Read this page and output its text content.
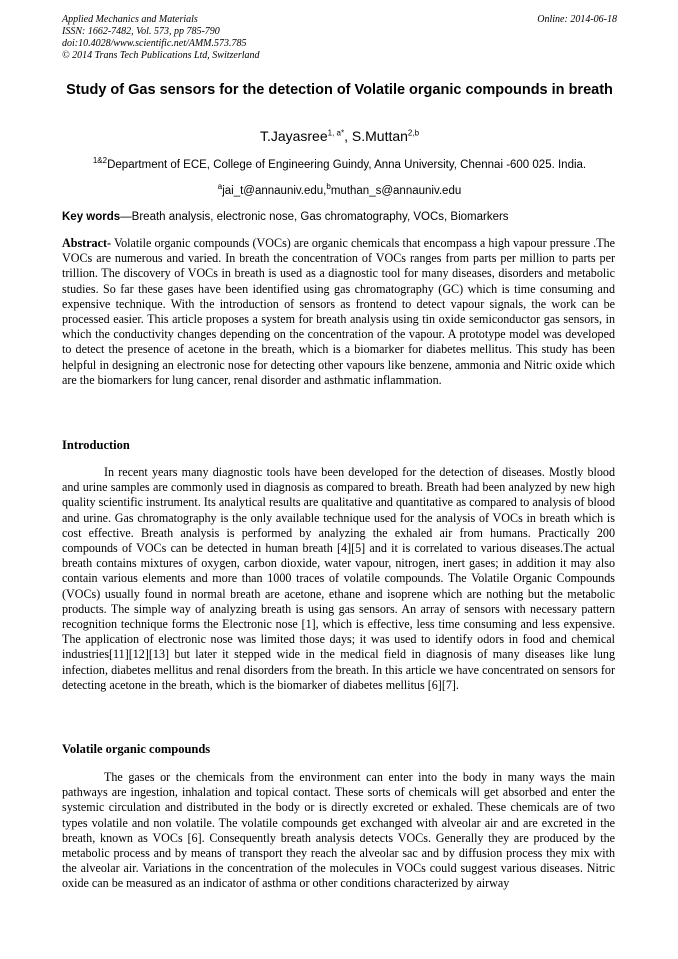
Applied Mechanics and Materials
ISSN: 1662-7482, Vol. 573, pp 785-790
doi:10.4028/www.scientific.net/AMM.573.785
© 2014 Trans Tech Publications Ltd, Switzerland
Online: 2014-06-18
Study of Gas sensors for the detection of Volatile organic compounds in breath
T.Jayasree$^{1, a*}$, S.Muttan$^{2,b}$
$^{1\&2}$Department of ECE, College of Engineering Guindy, Anna University, Chennai -600 025. India.
$^a$jai_t@annauniv.edu,$^b$muthan_s@annauniv.edu
Key words—Breath analysis, electronic nose, Gas chromatography, VOCs, Biomarkers
Abstract- Volatile organic compounds (VOCs) are organic chemicals that encompass a high vapour pressure .The VOCs are numerous and varied. In breath the concentration of VOCs ranges from parts per million to parts per trillion. The discovery of VOCs in breath is used as a diagnostic tool for many diseases, disorders and metabolic studies. So far these gases have been identified using gas chromatography (GC) which is time consuming and expensive technique. With the introduction of sensors as frontend to detect vapour signals, the work can be processed easier. This article proposes a system for breath analysis using tin oxide semiconductor gas sensors, in which the conductivity changes depending on the concentration of the vapour. A prototype model was developed to detect the presence of acetone in the breath, which is a biomarker for diabetes mellitus. This study has been helpful in designing an electronic nose for detecting other vapours like benzene, ammonia and Nitric oxide which are the biomarkers for lung cancer, renal disorder and asthmatic inflammation.
Introduction
In recent years many diagnostic tools have been developed for the detection of diseases. Mostly blood and urine samples are commonly used in diagnosis as compared to breath. Breath had been analyzed by new high quality scientific instrument. Its analytical results are qualitative and quantitative as compared to analysis of blood and urine. Gas chromatography is the only available technique used for the analysis of VOCs in breath which is cost effective. Breath analysis is performed by analyzing the exhaled air from humans. Practically 200 compounds of VOCs can be detected in human breath [4][5] and it is correlated to various diseases.The actual breath contains mixtures of oxygen, carbon dioxide, water vapour, nitrogen, inert gases; in addition it may also contain various elements and more than 1000 traces of volatile compounds. The Volatile Organic Compounds (VOCs) usually found in normal breath are acetone, ethane and isoprene which are nothing but the metabolic products. The simple way of analyzing breath is using gas sensors. An array of sensors with necessary pattern recognition technique forms the Electronic nose [1], which is effective, less time consuming and less expensive. The application of electronic nose was limited those days; it was used to identify odors in food and chemical industries[11][12][13] but later it stepped wide in the medical field in diagnosis of many diseases like lung infection, diabetes mellitus and renal disorders from the breath. In this article we have concentrated on sensors for detecting acetone in the breath, which is the biomarker of diabetes mellitus [6][7].
Volatile organic compounds
The gases or the chemicals from the environment can enter into the body in many ways the main pathways are ingestion, inhalation and topical contact. These sorts of chemicals will get absorbed and enter the systemic circulation and distributed in the body or is directly excreted or exhaled. These chemicals are of two types volatile and non volatile. The volatile compounds get exchanged with alveolar air and are excreted in the breath, known as VOCs [6]. Consequently breath analysis detects VOCs. Generally they are produced by the metabolic process and by means of transport they reach the alveolar sac and by diffusion process they mix with the alveolar air. Variations in the concentration of the molecules in VOCs could suggest various diseases. Nitric oxide can be measured as an indicator of asthma or other conditions characterized by airway
